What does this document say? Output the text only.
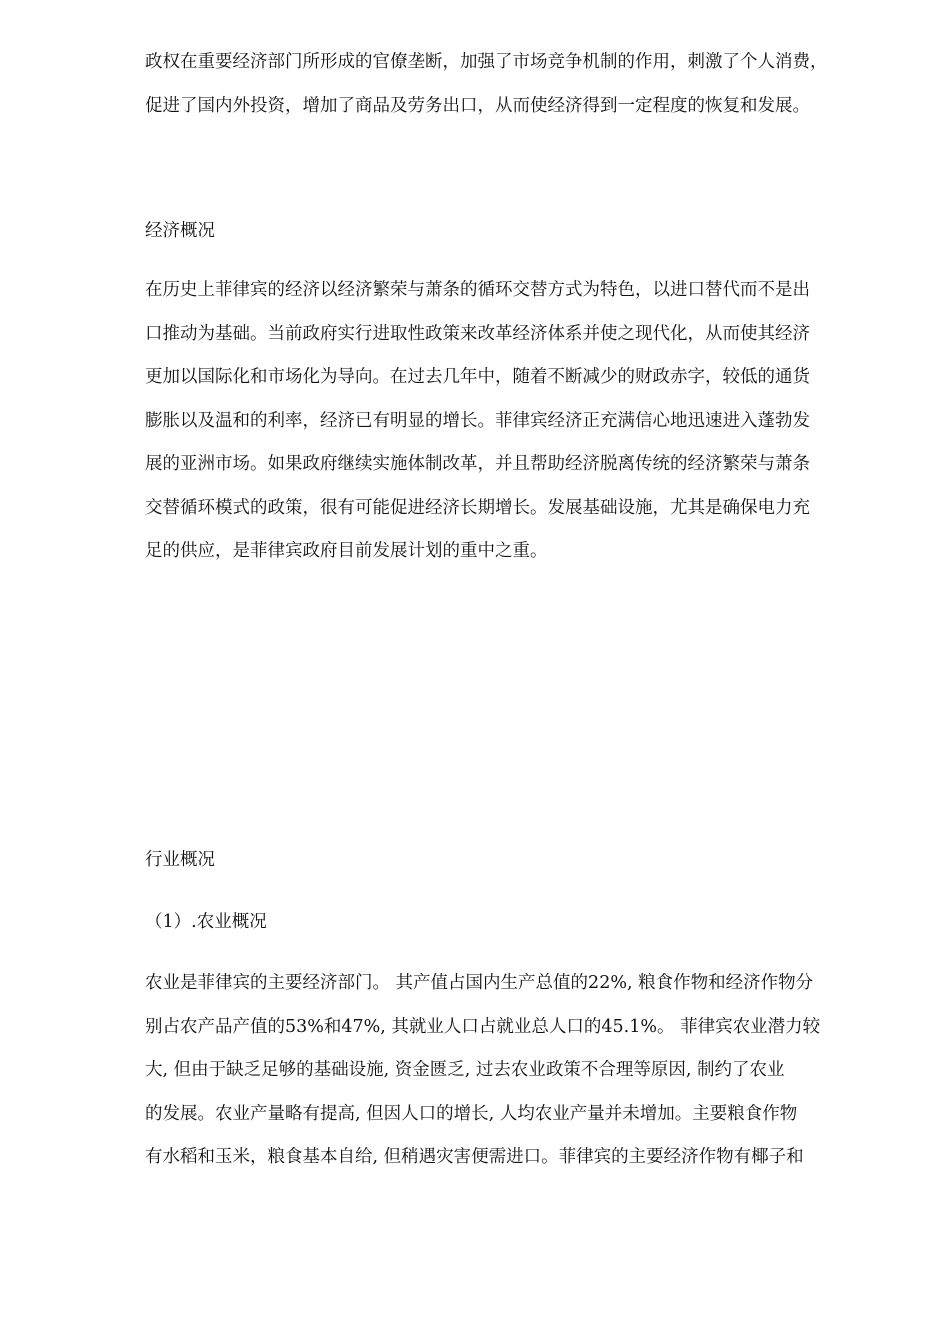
政权在重要经济部门所形成的官僚垄断，加强了市场竞争机制的作用，刺激了个人消费，
促进了国内外投资，增加了商品及劳务出口，从而使经济得到一定程度的恢复和发展。

经济概况

在历史上菲律宾的经济以经济繁荣与萧条的循环交替方式为特色，以进口替代而不是出
口推动为基础。当前政府实行进取性政策来改革经济体系并使之现代化，从而使其经济
更加以国际化和市场化为导向。在过去几年中，随着不断减少的财政赤字，较低的通货
膨胀以及温和的利率，经济已有明显的增长。菲律宾经济正充满信心地迅速进入蓬勃发
展的亚洲市场。如果政府继续实施体制改革，并且帮助经济脱离传统的经济繁荣与萧条
交替循环模式的政策，很有可能促进经济长期增长。发展基础设施，尤其是确保电力充
足的供应，是菲律宾政府目前发展计划的重中之重。

行业概况
（1）.农业概况

农业是菲律宾的主要经济部门。 其产值占国内生产总值的22%, 粮食作物和经济作物分
别占农产品产值的53%和47%, 其就业人口占就业总人口的45.1%。 菲律宾农业潜力较
大, 但由于缺乏足够的基础设施, 资金匮乏, 过去农业政策不合理等原因, 制约了农业
的发展。农业产量略有提高, 但因人口的增长, 人均农业产量并未增加。主要粮食作物
有水稻和玉米，粮食基本自给, 但稍遇灾害便需进口。菲律宾的主要经济作物有椰子和
